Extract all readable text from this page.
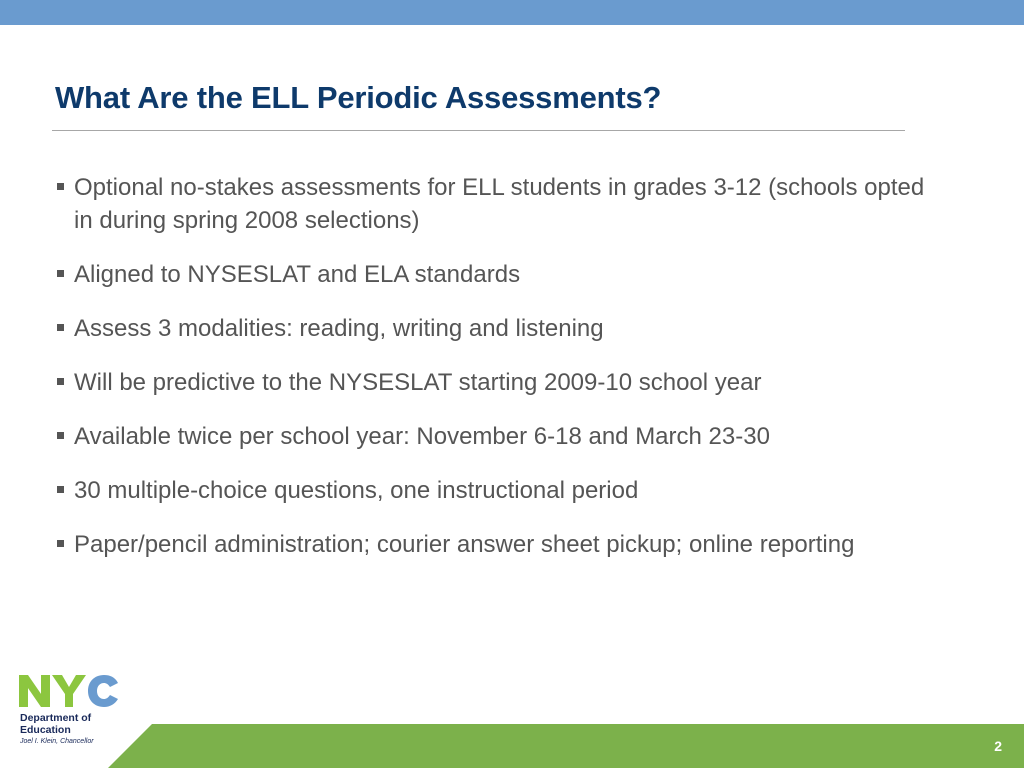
What Are the ELL Periodic Assessments?
Optional no-stakes assessments for ELL students in grades 3-12 (schools opted in during spring 2008 selections)
Aligned to NYSESLAT and ELA standards
Assess 3 modalities: reading, writing and listening
Will be predictive to the NYSESLAT starting 2009-10 school year
Available twice per school year: November 6-18 and March 23-30
30 multiple-choice questions, one instructional period
Paper/pencil administration; courier answer sheet pickup; online reporting
Department of
Education
Joel I. Klein, Chancellor	2
